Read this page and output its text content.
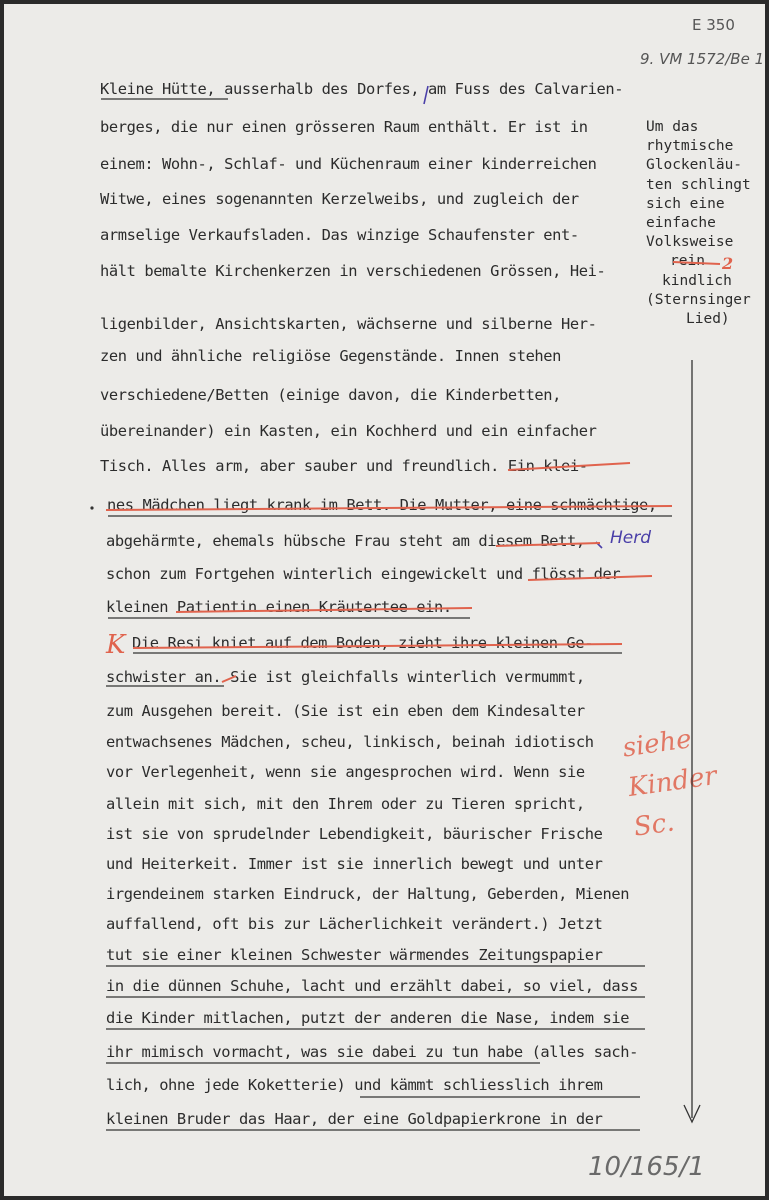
E 350
9. VM 1572/Be 1
10/165/1
Kleine Hütte, ausserhalb des Dorfes, am Fuss des Calvarien-
berges, die nur einen grösseren Raum enthält. Er ist in
einem: Wohn-, Schlaf- und Küchenraum einer kinderreichen
Witwe, eines sogenannten Kerzelweibs, und zugleich der
armselige Verkaufsladen. Das winzige Schaufenster ent-
hält bemalte Kirchenkerzen in verschiedenen Grössen, Hei-
ligenbilder, Ansichtskarten, wächserne und silberne Her-
zen und ähnliche religiöse Gegenstände. Innen stehen
verschiedene/Betten (einige davon, die Kinderbetten,
übereinander) ein Kasten, ein Kochherd und ein einfacher
Tisch. Alles arm, aber sauber und freundlich. Ein klei-
nes Mädchen liegt krank im Bett. Die Mutter, eine schmächtige,
abgehärmte, ehemals hübsche Frau steht am diesem Bett,
schon zum Fortgehen winterlich eingewickelt und flösst der
kleinen Patientin einen Kräutertee ein.
Die Resi kniet auf dem Boden, zieht ihre kleinen Ge-
schwister an. Sie ist gleichfalls winterlich vermummt,
zum Ausgehen bereit. (Sie ist ein eben dem Kindesalter
entwachsenes Mädchen, scheu, linkisch, beinah idiotisch
vor Verlegenheit, wenn sie angesprochen wird. Wenn sie
allein mit sich, mit den Ihrem oder zu Tieren spricht,
ist sie von sprudelnder Lebendigkeit, bäurischer Frische
und Heiterkeit. Immer ist sie innerlich bewegt und unter
irgendeinem starken Eindruck, der Haltung, Geberden, Mienen
auffallend, oft bis zur Lächerlichkeit verändert.) Jetzt
tut sie einer kleinen Schwester wärmendes Zeitungspapier
in die dünnen Schuhe, lacht und erzählt dabei, so viel, dass
die Kinder mitlachen, putzt der anderen die Nase, indem sie
ihr mimisch vormacht, was sie dabei zu tun habe (alles sach-
lich, ohne jede Koketterie) und kämmt schliesslich ihrem
kleinen Bruder das Haar, der eine Goldpapierkrone in der
Um das
rhytmische
Glockenläu-
ten schlingt
sich eine
einfache
Volksweise
rein
kindlich
(Sternsinger
Lied)
2
Herd
K
siehe Kinder Sc.
